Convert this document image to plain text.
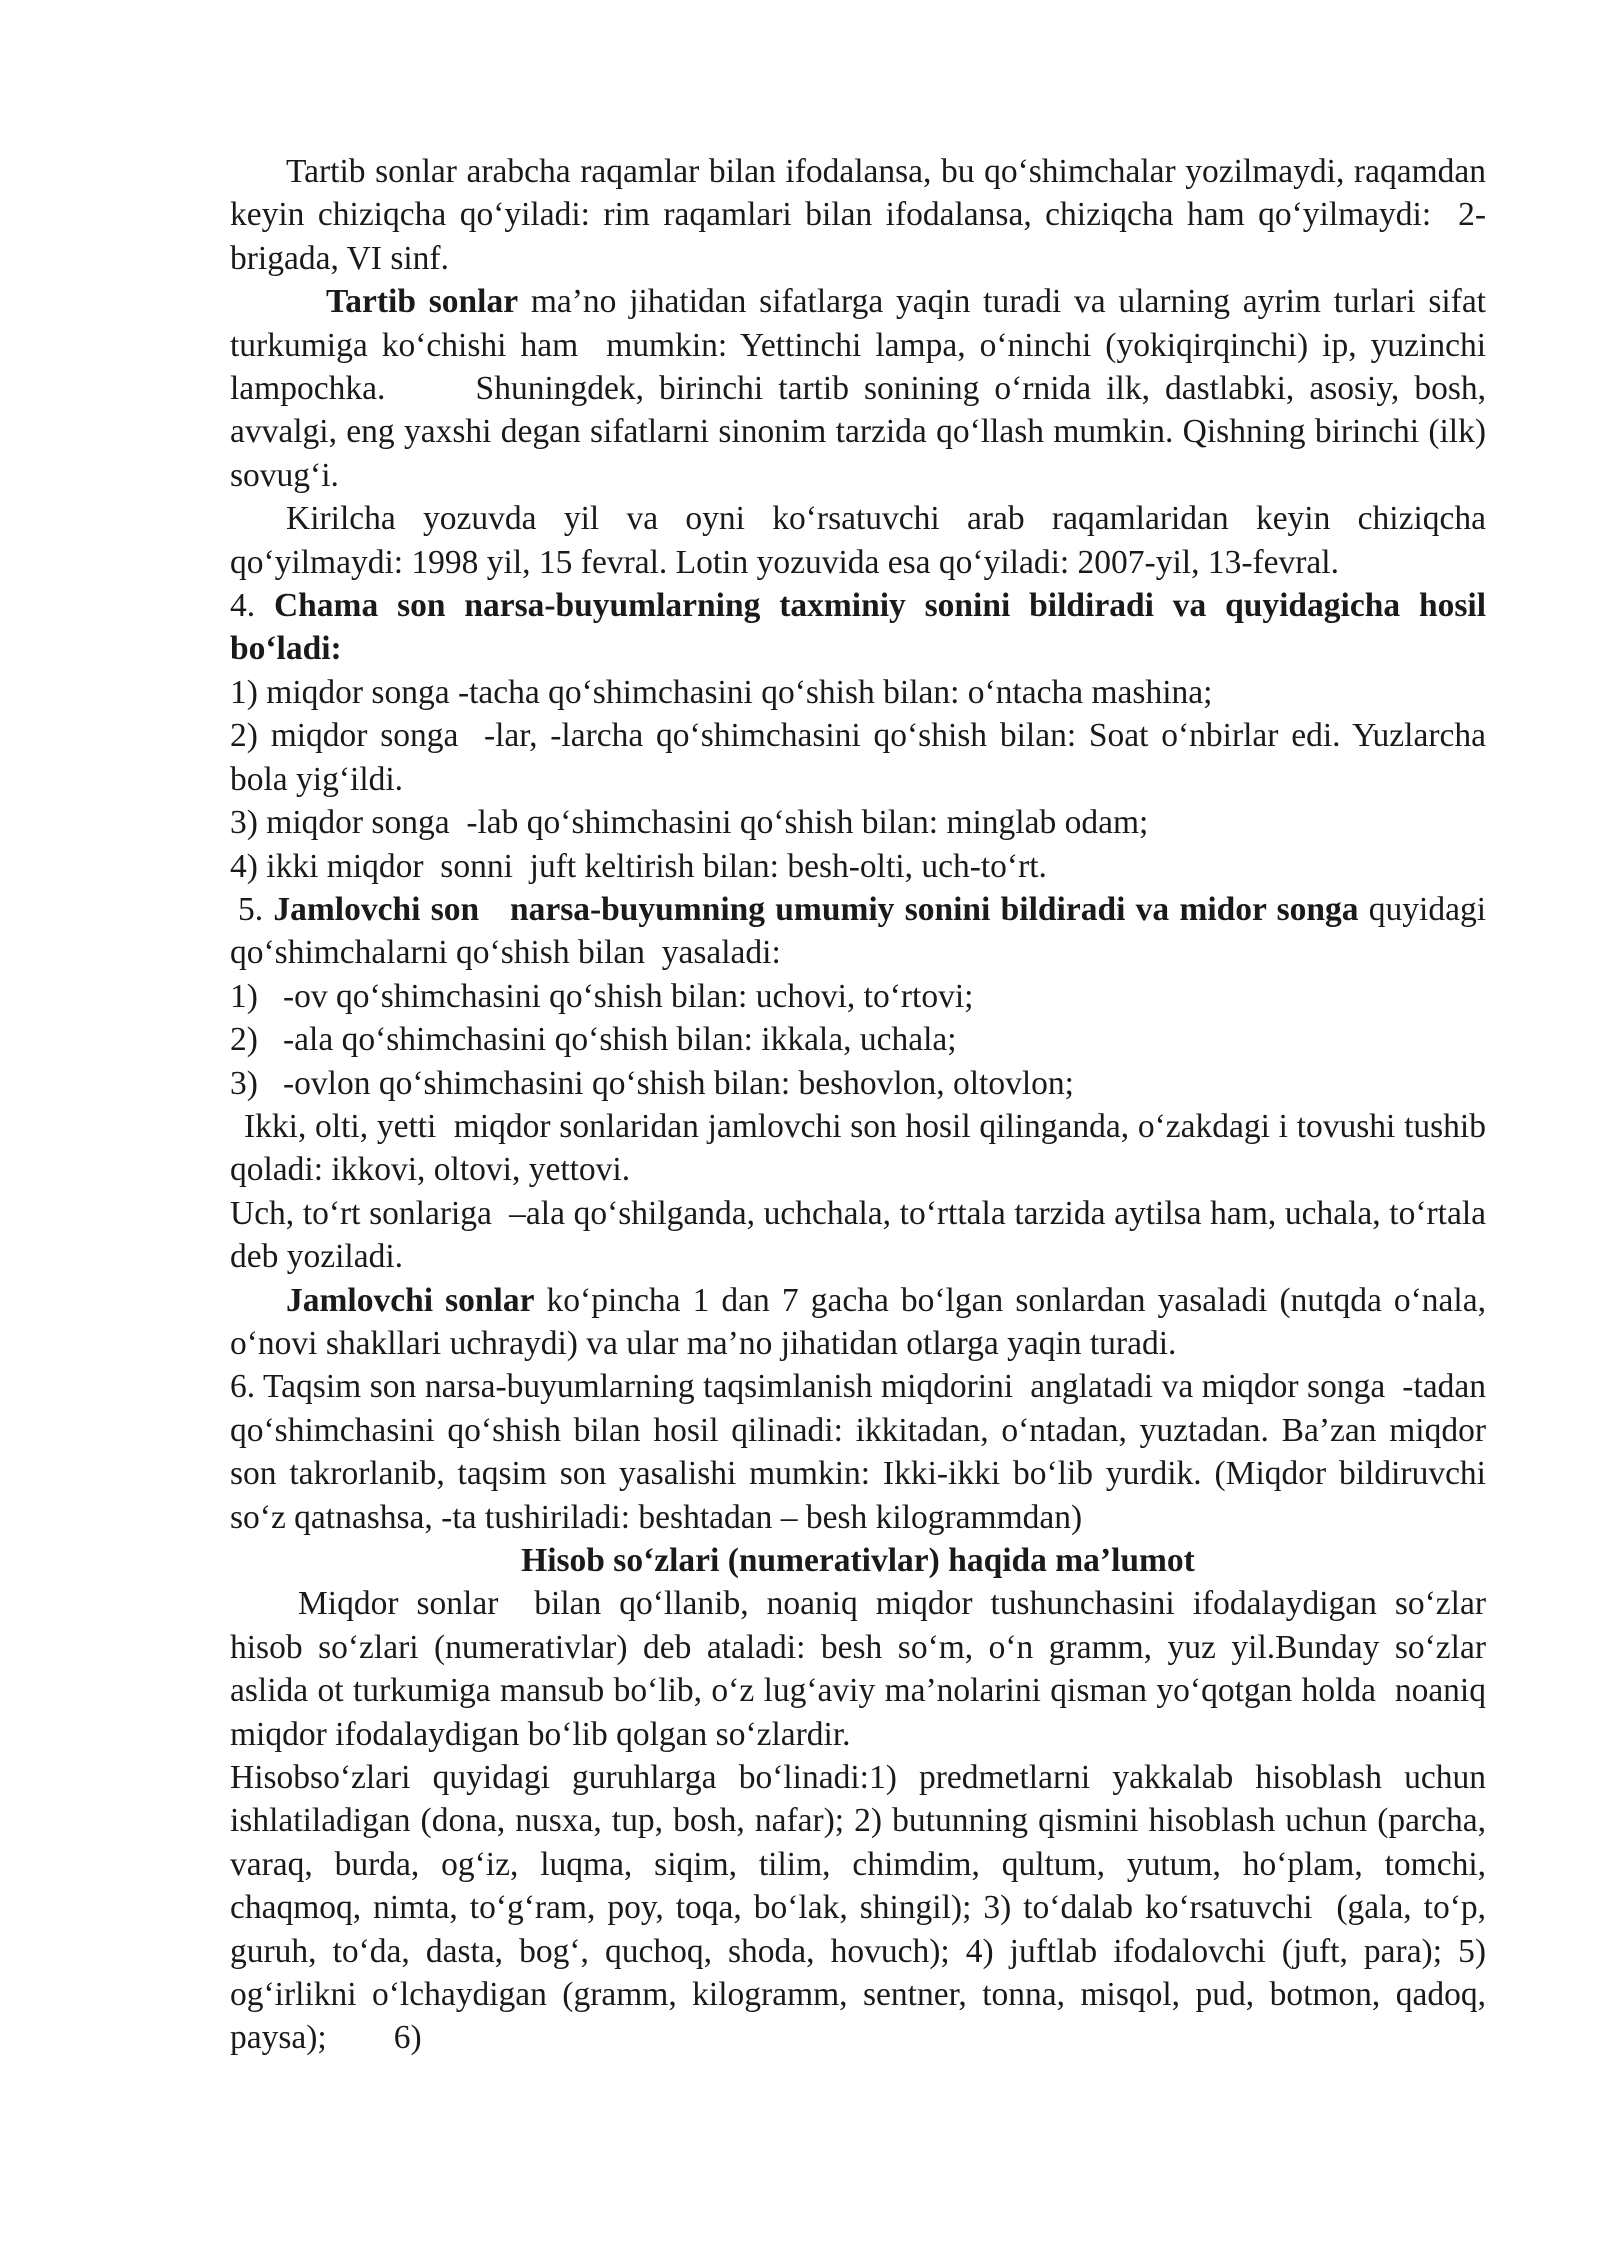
Tartib sonlar arabcha raqamlar bilan ifodalansa, bu qo‘shimchalar yozilmaydi, raqamdan keyin chiziqcha qo‘yiladi: rim raqamlari bilan ifodalansa, chiziqcha ham qo‘yilmaydi:  2-brigada, VI sinf.

Tartib sonlar ma’no jihatidan sifatlarga yaqin turadi va ularning ayrim turlari sifat turkumiga ko‘chishi ham  mumkin: Yettinchi lampa, o‘ninchi (yokiqirqinchi) ip, yuzinchi lampochka.      Shuningdek, birinchi tartib sonining o‘rnida ilk, dastlabki, asosiy, bosh, avvalgi, eng yaxshi degan sifatlarni sinonim tarzida qo‘llash mumkin. Qishning birinchi (ilk) sovug‘i.

Kirilcha yozuvda yil va oyni ko‘rsatuvchi arab raqamlaridan keyin chiziqcha qo‘yilmaydi: 1998 yil, 15 fevral. Lotin yozuvida esa qo‘yiladi: 2007-yil, 13-fevral.

4. Chama son narsa-buyumlarning taxminiy sonini bildiradi va quyidagicha hosil bo‘ladi:

1) miqdor songa -tacha qo‘shimchasini qo‘shish bilan: o‘ntacha mashina;

2) miqdor songa  -lar, -larcha qo‘shimchasini qo‘shish bilan: Soat o‘nbirlar edi. Yuzlarcha bola yig‘ildi.

3) miqdor songa  -lab qo‘shimchasini qo‘shish bilan: minglab odam;

4) ikki miqdor  sonni  juft keltirish bilan: besh-olti, uch-to‘rt.

5. Jamlovchi son   narsa-buyumning umumiy sonini bildiradi va midor songa quyidagi qo‘shimchalarni qo‘shish bilan  yasaladi:

1)   -ov qo‘shimchasini qo‘shish bilan: uchovi, to‘rtovi;

2)   -ala qo‘shimchasini qo‘shish bilan: ikkala, uchala;

3)   -ovlon qo‘shimchasini qo‘shish bilan: beshovlon, oltovlon;

Ikki, olti, yetti  miqdor sonlaridan jamlovchi son hosil qilinganda, o‘zakdagi i tovushi tushib qoladi: ikkovi, oltovi, yettovi.

Uch, to‘rt sonlariga  –ala qo‘shilganda, uchchala, to‘rttala tarzida aytilsa ham, uchala, to‘rtala  deb yoziladi.

Jamlovchi sonlar ko‘pincha 1 dan 7 gacha bo‘lgan sonlardan yasaladi (nutqda o‘nala, o‘novi shakllari uchraydi) va ular ma’no jihatidan otlarga yaqin turadi.

6. Taqsim son narsa-buyumlarning taqsimlanish miqdorini  anglatadi va miqdor songa  -tadan qo‘shimchasini qo‘shish bilan hosil qilinadi: ikkitadan, o‘ntadan, yuztadan. Ba’zan miqdor son takrorlanib, taqsim son yasalishi mumkin: Ikki-ikki bo‘lib yurdik. (Miqdor bildiruvchi so‘z qatnashsa, -ta tushiriladi: beshtadan – besh kilogrammdan)

Hisob so‘zlari (numerativlar) haqida ma’lumot

Miqdor sonlar  bilan qo‘llanib, noaniq miqdor tushunchasini ifodalaydigan so‘zlar   hisob so‘zlari (numerativlar) deb ataladi: besh so‘m, o‘n gramm, yuz yil.Bunday so‘zlar aslida ot turkumiga mansub bo‘lib, o‘z lug‘aviy ma’nolarini qisman yo‘qotgan holda  noaniq miqdor ifodalaydigan bo‘lib qolgan so‘zlardir.

Hisobso‘zlari quyidagi guruhlarga bo‘linadi:1) predmetlarni yakkalab hisoblash uchun ishlatiladigan (dona, nusxa, tup, bosh, nafar); 2) butunning qismini hisoblash uchun (parcha, varaq, burda, og‘iz, luqma, siqim, tilim, chimdim, qultum, yutum, ho‘plam, tomchi, chaqmoq, nimta, to‘g‘ram, poy, toqa, bo‘lak, shingil); 3) to‘dalab ko‘rsatuvchi  (gala, to‘p, guruh, to‘da, dasta, bog‘, quchoq, shoda, hovuch); 4) juftlab ifodalovchi (juft, para); 5)  og‘irlikni o‘lchaydigan (gramm, kilogramm, sentner, tonna, misqol, pud, botmon, qadoq, paysa);        6)
